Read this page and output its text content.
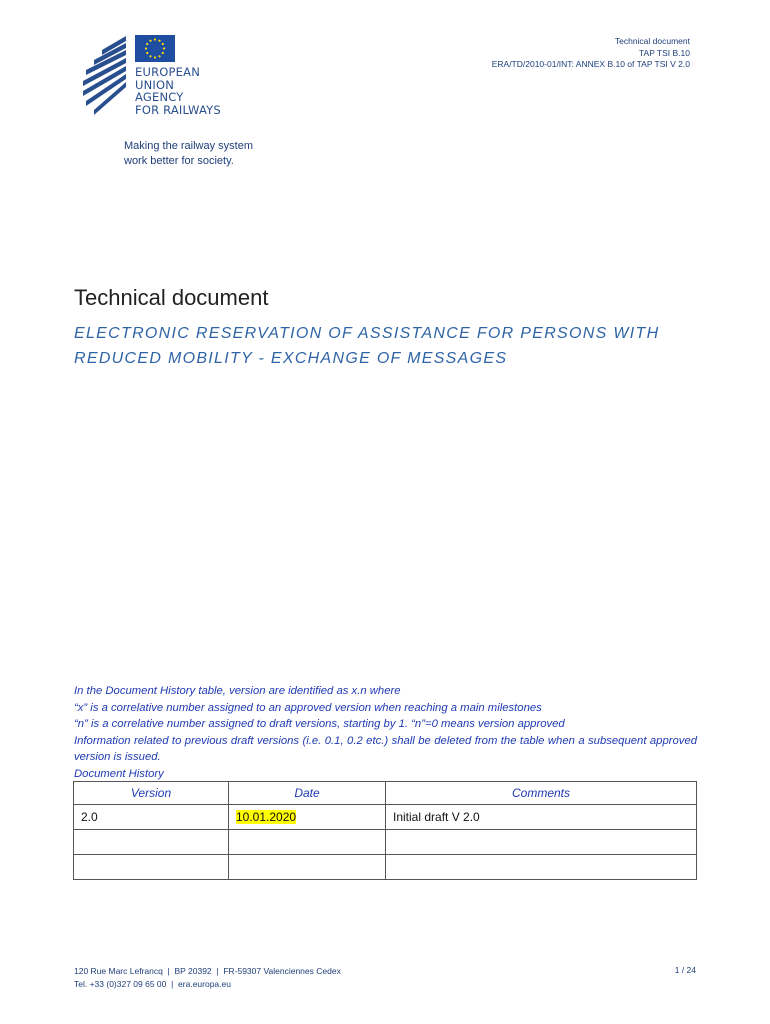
EUROPEAN
UNION
AGENCY
FOR RAILWAYS
Making the railway system
work better for society.
Technical document
TAP TSI B.10
ERA/TD/2010-01/INT: ANNEX B.10 of TAP TSI V 2.0
Technical document
ELECTRONIC RESERVATION OF ASSISTANCE FOR PERSONS WITH REDUCED MOBILITY - EXCHANGE OF MESSAGES

In the Document History table, version are identified as x.n where

“x” is a correlative number assigned to an approved version when reaching a main milestones

“n” is a correlative number assigned to draft versions, starting by 1. “n”=0 means version approved

Information related to previous draft versions (i.e. 0.1, 0.2 etc.) shall be deleted from the table when a subsequent approved version is issued.

Document History

Version	Date	Comments
2.0	10.01.2020	Initial draft V 2.0

120 Rue Marc Lefrancq  |  BP 20392  |  FR-59307 Valenciennes Cedex
Tel. +33 (0)327 09 65 00  |  era.europa.eu
1 / 24
